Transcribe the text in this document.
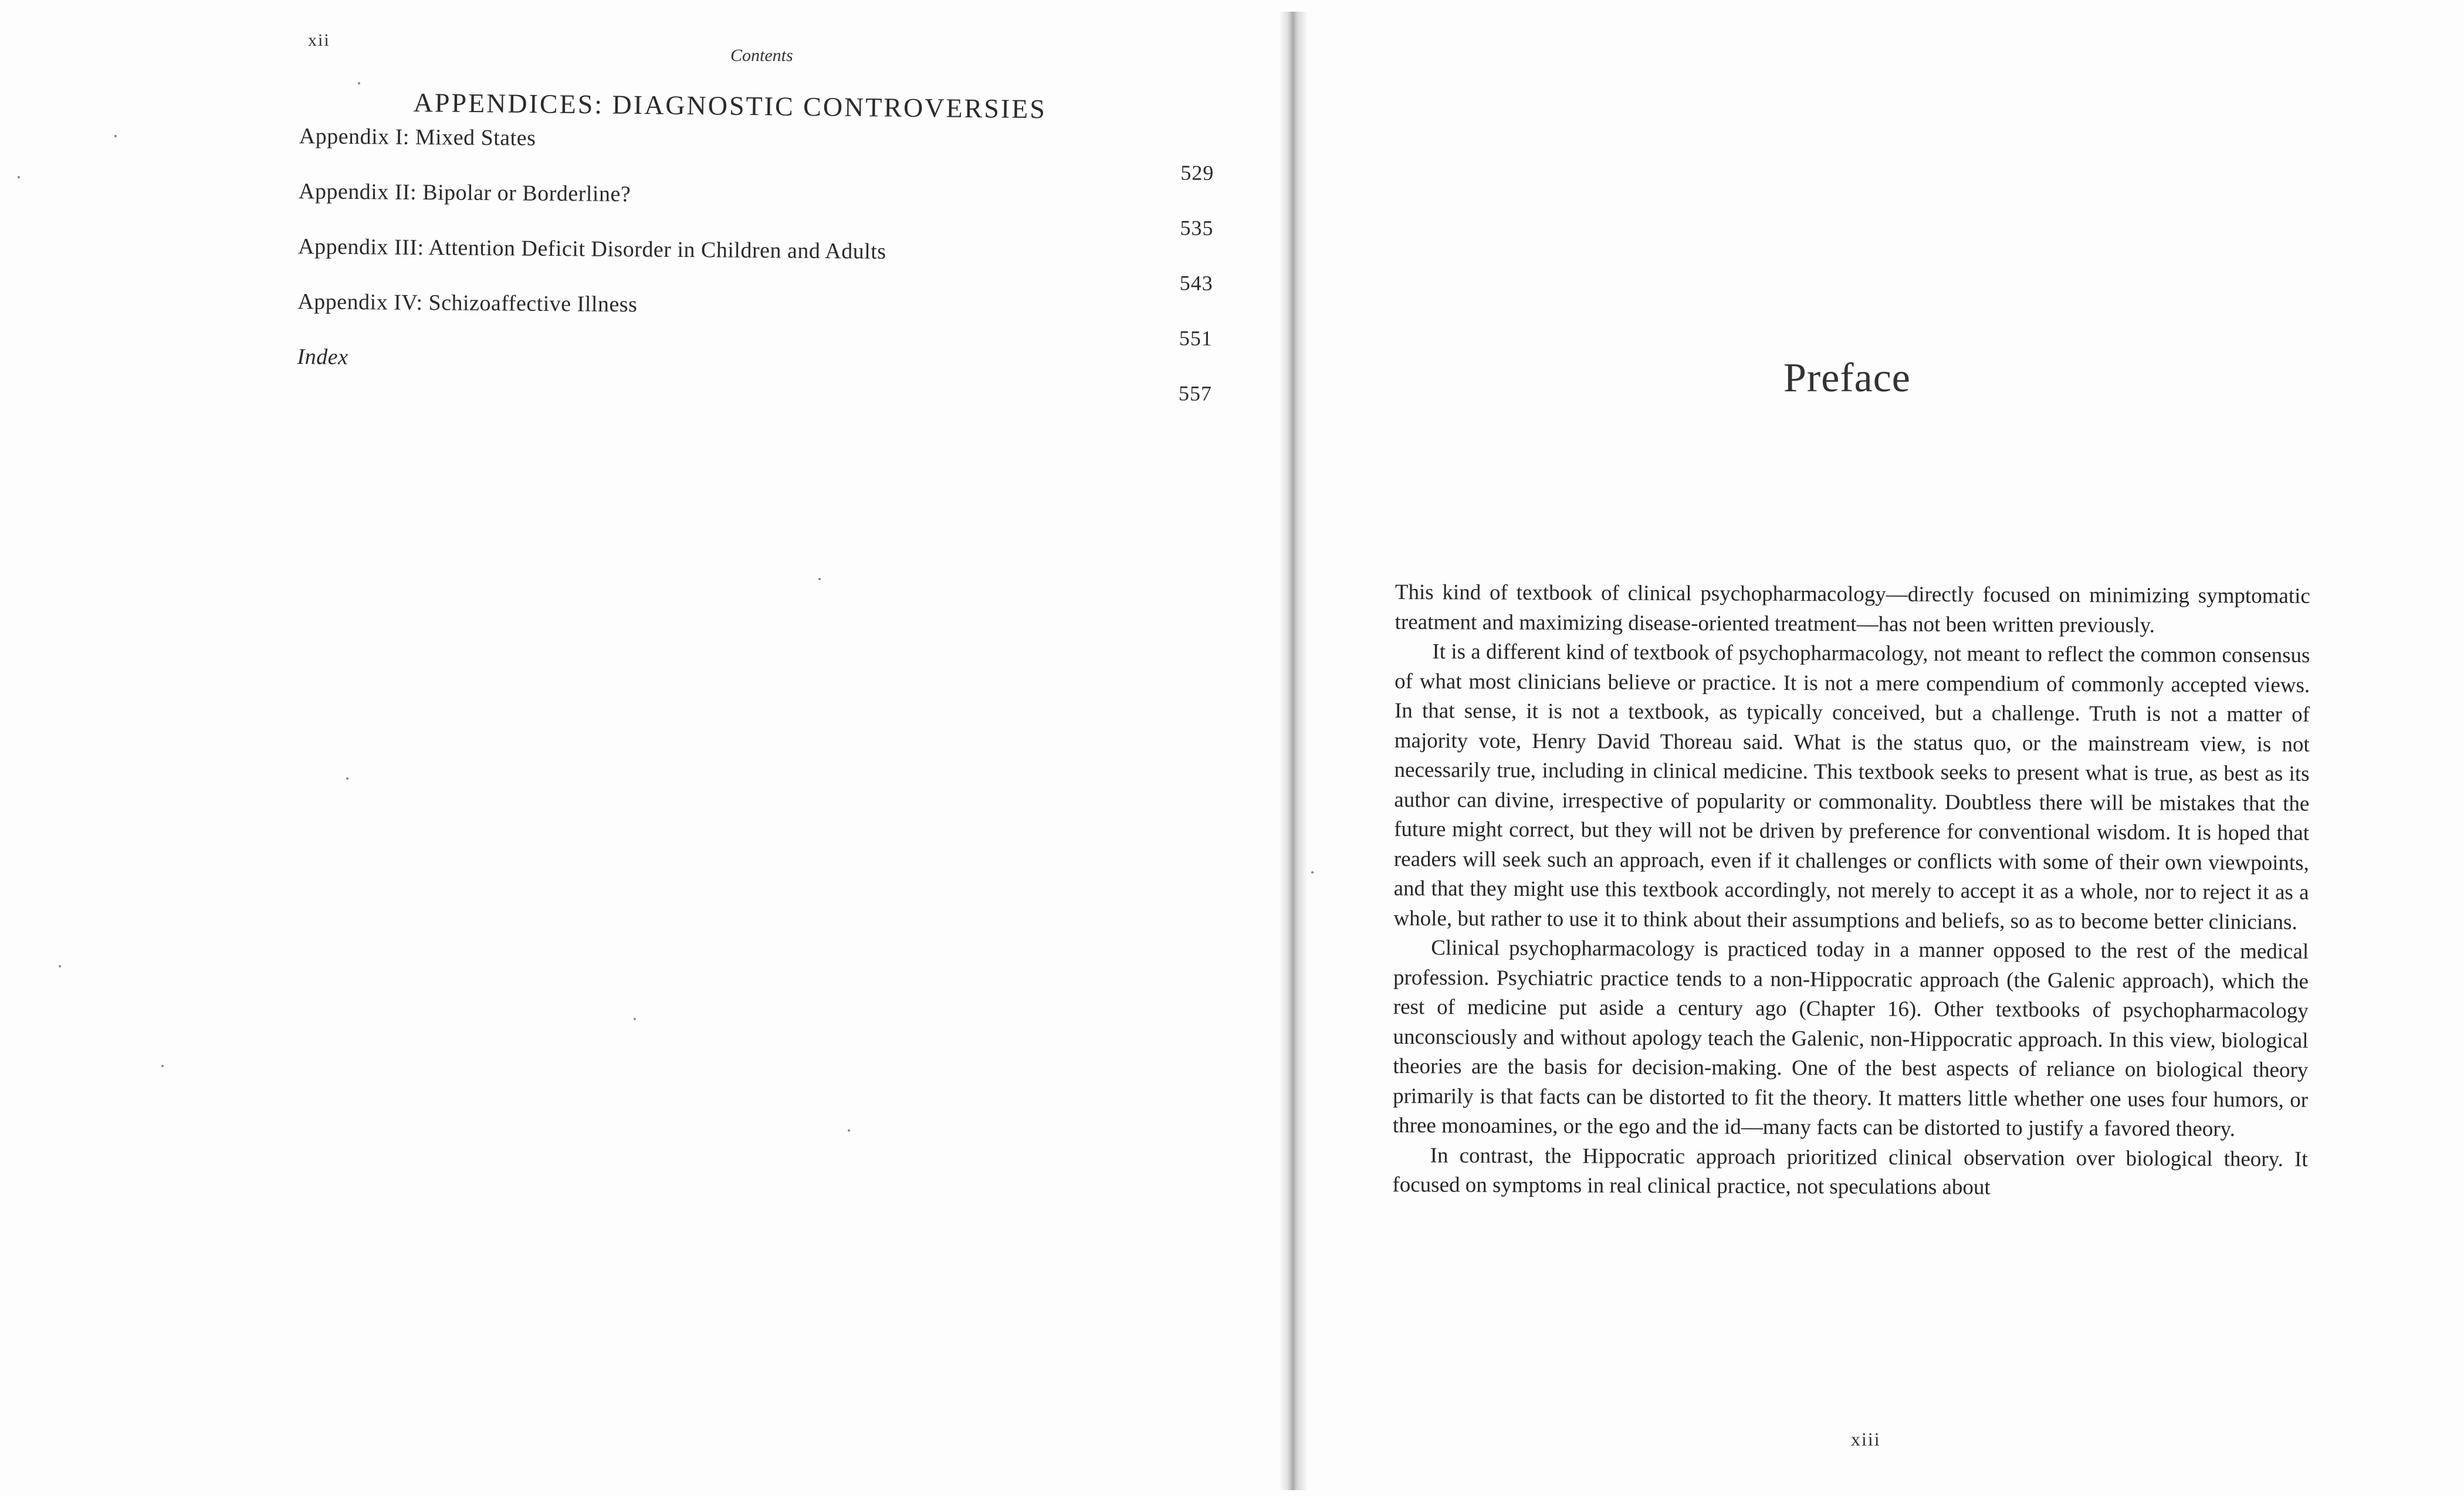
xii
Contents
APPENDICES: DIAGNOSTIC CONTROVERSIES
Appendix I: Mixed States
529
Appendix II: Bipolar or Borderline?
535
Appendix III: Attention Deficit Disorder in Children and Adults
543
Appendix IV: Schizoaffective Illness
551
Index
557	Preface

This kind of textbook of clinical psychopharmacology—directly focused on minimizing symptomatic treatment and maximizing disease-oriented treatment—has not been written previously.

It is a different kind of textbook of psychopharmacology, not meant to reflect the common consensus of what most clinicians believe or practice. It is not a mere compendium of commonly accepted views. In that sense, it is not a textbook, as typically conceived, but a challenge. Truth is not a matter of majority vote, Henry David Thoreau said. What is the status quo, or the mainstream view, is not necessarily true, including in clinical medicine. This textbook seeks to present what is true, as best as its author can divine, irrespective of popularity or commonality. Doubtless there will be mistakes that the future might correct, but they will not be driven by preference for conventional wisdom. It is hoped that readers will seek such an approach, even if it challenges or conflicts with some of their own viewpoints, and that they might use this textbook accordingly, not merely to accept it as a whole, nor to reject it as a whole, but rather to use it to think about their assumptions and beliefs, so as to become better clinicians.

Clinical psychopharmacology is practiced today in a manner opposed to the rest of the medical profession. Psychiatric practice tends to a non-Hippocratic approach (the Galenic approach), which the rest of medicine put aside a century ago (Chapter 16). Other textbooks of psychopharmacology unconsciously and without apology teach the Galenic, non-Hippocratic approach. In this view, biological theories are the basis for decision-making. One of the best aspects of reliance on biological theory primarily is that facts can be distorted to fit the theory. It matters little whether one uses four humors, or three monoamines, or the ego and the id—many facts can be distorted to justify a favored theory.

In contrast, the Hippocratic approach prioritized clinical observation over biological theory. It focused on symptoms in real clinical practice, not speculations about

xiii
